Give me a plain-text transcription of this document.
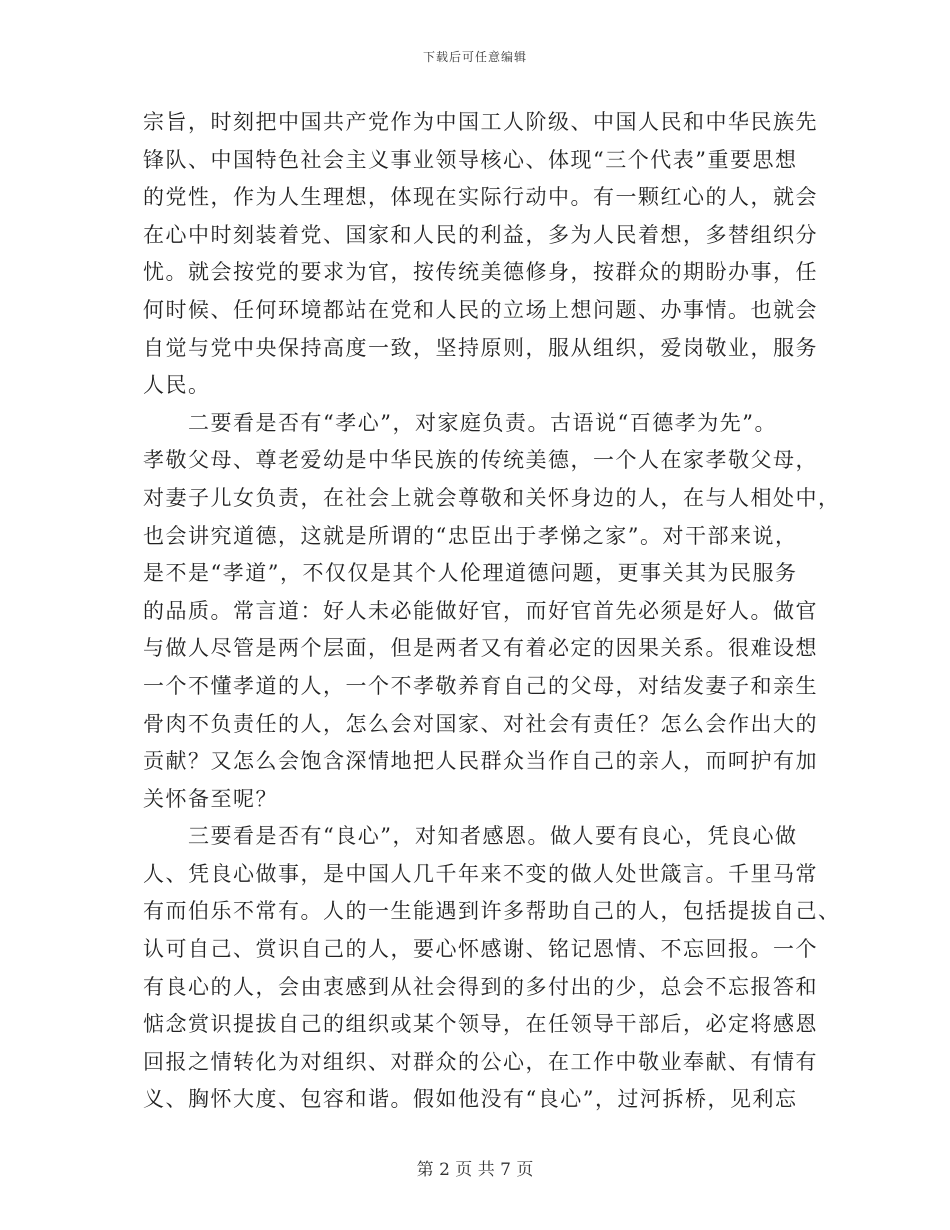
下载后可任意编辑
宗旨，时刻把中国共产党作为中国工人阶级、中国人民和中华民族先
锋队、中国特色社会主义事业领导核心、体现“三个代表”重要思想
的党性，作为人生理想，体现在实际行动中。有一颗红心的人，就会
在心中时刻装着党、国家和人民的利益，多为人民着想，多替组织分
忧。就会按党的要求为官，按传统美德修身，按群众的期盼办事，任
何时候、任何环境都站在党和人民的立场上想问题、办事情。也就会
自觉与党中央保持高度一致，坚持原则，服从组织，爱岗敬业，服务
人民。
　　二要看是否有“孝心”，对家庭负责。古语说“百德孝为先”。
孝敬父母、尊老爱幼是中华民族的传统美德，一个人在家孝敬父母，
对妻子儿女负责，在社会上就会尊敬和关怀身边的人，在与人相处中，
也会讲究道德，这就是所谓的“忠臣出于孝悌之家”。对干部来说，
是不是“孝道”，不仅仅是其个人伦理道德问题，更事关其为民服务
的品质。常言道：好人未必能做好官，而好官首先必须是好人。做官
与做人尽管是两个层面，但是两者又有着必定的因果关系。很难设想
一个不懂孝道的人，一个不孝敬养育自己的父母，对结发妻子和亲生
骨肉不负责任的人，怎么会对国家、对社会有责任？怎么会作出大的
贡献？又怎么会饱含深情地把人民群众当作自己的亲人，而呵护有加
关怀备至呢？
　　三要看是否有“良心”，对知者感恩。做人要有良心，凭良心做
人、凭良心做事，是中国人几千年来不变的做人处世箴言。千里马常
有而伯乐不常有。人的一生能遇到许多帮助自己的人，包括提拔自己、
认可自己、赏识自己的人，要心怀感谢、铭记恩情、不忘回报。一个
有良心的人，会由衷感到从社会得到的多付出的少，总会不忘报答和
惦念赏识提拔自己的组织或某个领导，在任领导干部后，必定将感恩
回报之情转化为对组织、对群众的公心，在工作中敬业奉献、有情有
义、胸怀大度、包容和谐。假如他没有“良心”，过河拆桥，见利忘
第 2 页 共 7 页
